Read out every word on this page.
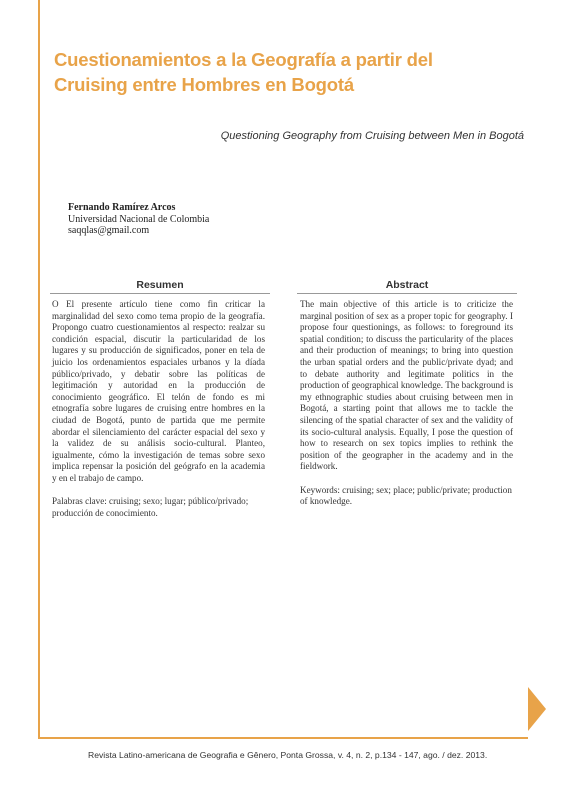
Cuestionamientos a la Geografía a partir del
Cruising entre Hombres en Bogotá
Questioning Geography from Cruising between Men in Bogotá
Fernando Ramírez Arcos
Universidad Nacional de Colombia
saqqlas@gmail.com
Resumen	Abstract

O El presente artículo tiene como fin criticar la marginalidad del sexo como tema propio de la geografía. Propongo cuatro cuestionamientos al respecto: realzar su condición espacial, discutir la particularidad de los lugares y su producción de significados, poner en tela de juicio los ordenamientos espaciales urbanos y la díada público/privado, y debatir sobre las políticas de legitimación y autoridad en la producción de conocimiento geográfico. El telón de fondo es mi etnografía sobre lugares de cruising entre hombres en la ciudad de Bogotá, punto de partida que me permite abordar el silenciamiento del carácter espacial del sexo y la validez de su análisis socio-cultural. Planteo, igualmente, cómo la investigación de temas sobre sexo implica repensar la posición del geógrafo en la academia y en el trabajo de campo.

Palabras clave: cruising; sexo; lugar; público/privado; producción de conocimiento.

The main objective of this article is to criticize the marginal position of sex as a proper topic for geography. I propose four questionings, as follows: to foreground its spatial condition; to discuss the particularity of the places and their production of meanings; to bring into question the urban spatial orders and the public/private dyad; and to debate authority and legitimate politics in the production of geographical knowledge. The background is my ethnographic studies about cruising between men in Bogotá, a starting point that allows me to tackle the silencing of the spatial character of sex and the validity of its socio-cultural analysis. Equally, I pose the question of how to research on sex topics implies to rethink the position of the geographer in the academy and in the fieldwork.

Keywords: cruising; sex; place; public/private; production of knowledge.

Revista Latino-americana de Geografia e Gênero, Ponta Grossa, v. 4, n. 2, p.134 - 147, ago. / dez. 2013.
